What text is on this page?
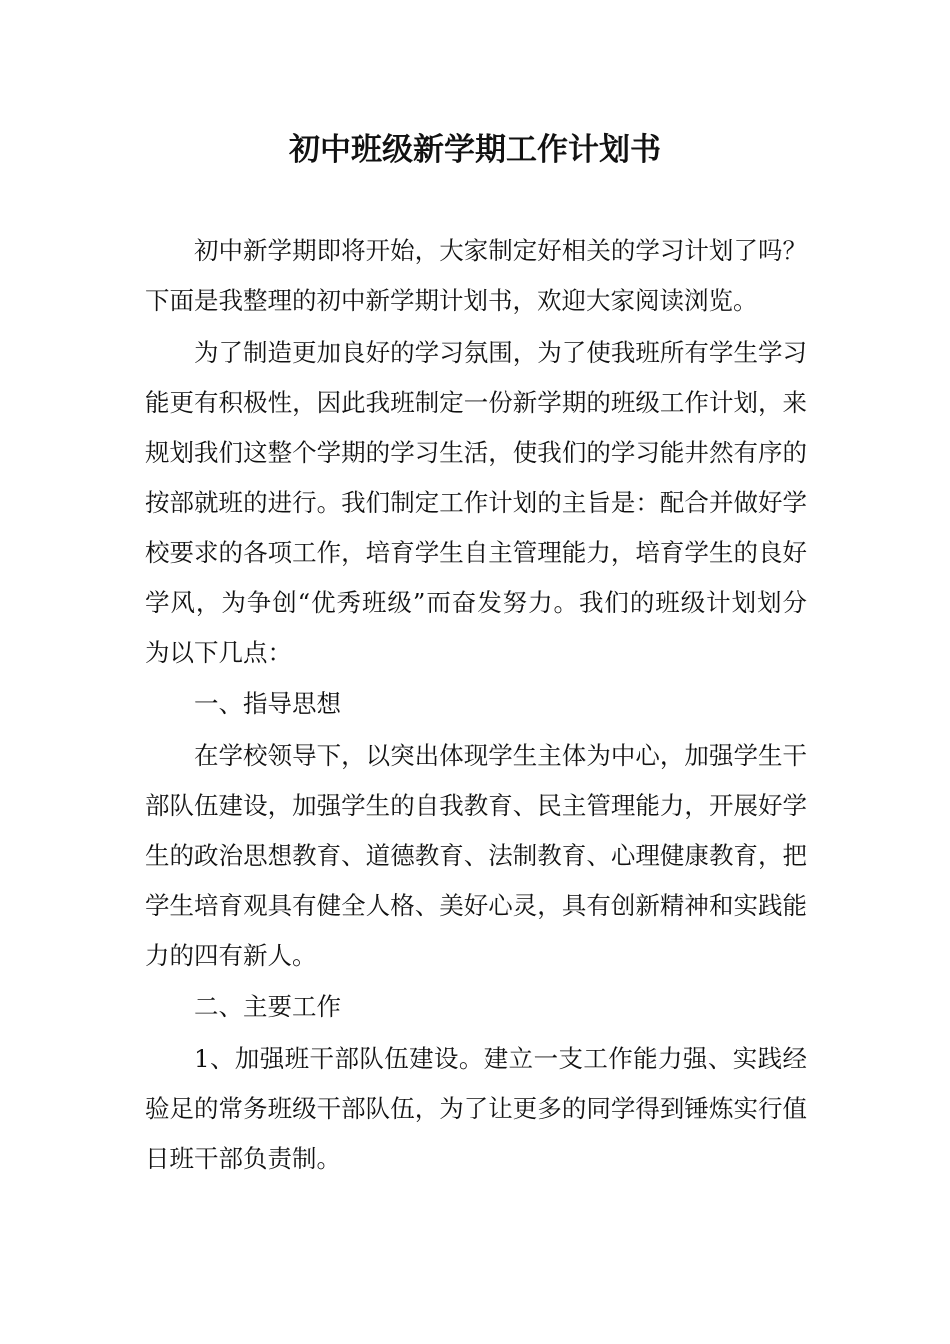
初中班级新学期工作计划书

初中新学期即将开始，大家制定好相关的学习计划了吗？下面是我整理的初中新学期计划书，欢迎大家阅读浏览。

为了制造更加良好的学习氛围，为了使我班所有学生学习能更有积极性，因此我班制定一份新学期的班级工作计划，来规划我们这整个学期的学习生活，使我们的学习能井然有序的按部就班的进行。我们制定工作计划的主旨是：配合并做好学校要求的各项工作，培育学生自主管理能力，培育学生的良好学风，为争创“优秀班级”而奋发努力。我们的班级计划划分为以下几点：

一、指导思想

在学校领导下，以突出体现学生主体为中心，加强学生干部队伍建设，加强学生的自我教育、民主管理能力，开展好学生的政治思想教育、道德教育、法制教育、心理健康教育，把学生培育观具有健全人格、美好心灵，具有创新精神和实践能力的四有新人。

二、主要工作

1、加强班干部队伍建设。建立一支工作能力强、实践经验足的常务班级干部队伍，为了让更多的同学得到锤炼实行值日班干部负责制。
